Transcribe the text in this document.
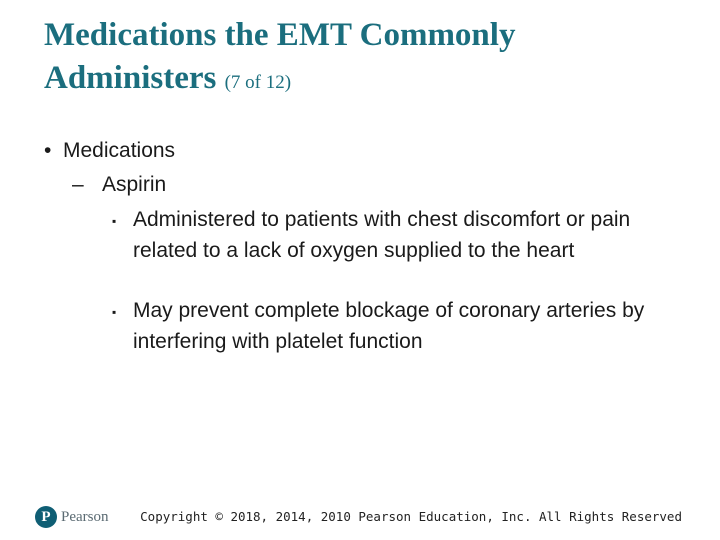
Medications the EMT Commonly Administers (7 of 12)
• Medications
– Aspirin
▪ Administered to patients with chest discomfort or pain related to a lack of oxygen supplied to the heart
▪ May prevent complete blockage of coronary arteries by interfering with platelet function
P Pearson	Copyright © 2018, 2014, 2010 Pearson Education, Inc. All Rights Reserved
